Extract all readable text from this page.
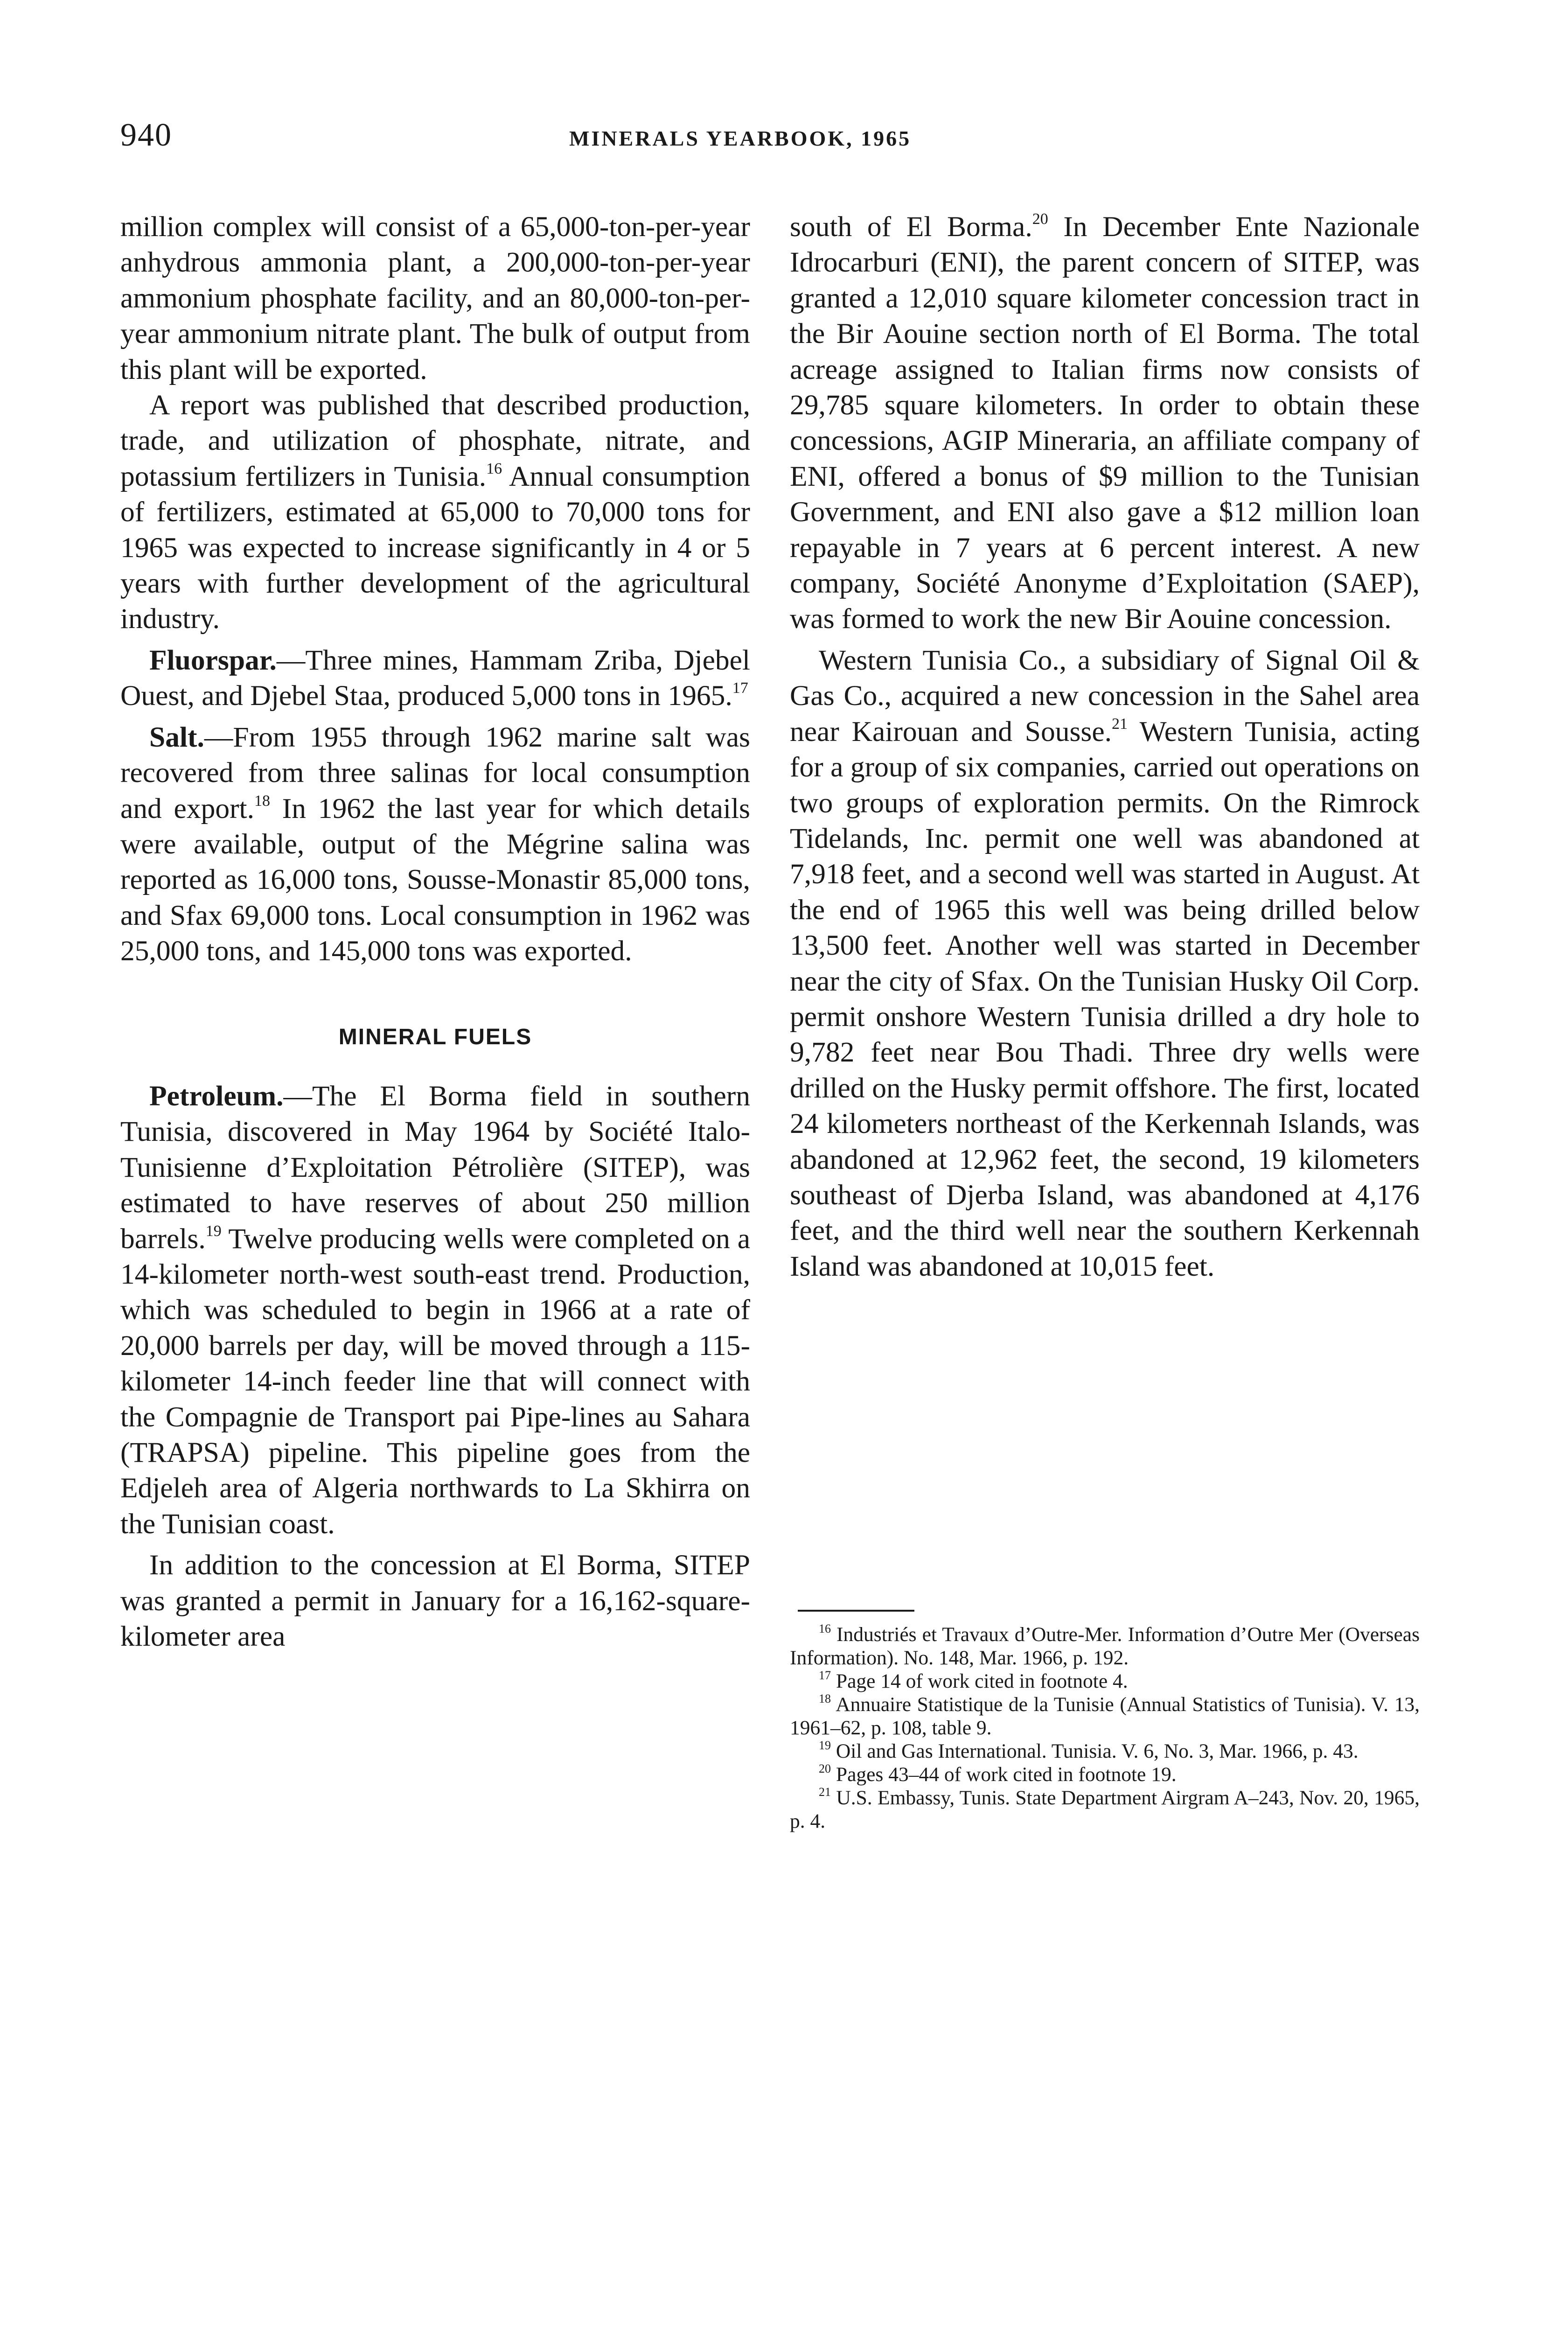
940	MINERALS YEARBOOK, 1965

million complex will consist of a 65,000-ton-per-year anhydrous ammonia plant, a 200,000-ton-per-year ammonium phosphate facility, and an 80,000-ton-per-year ammonium nitrate plant. The bulk of output from this plant will be exported.

A report was published that described production, trade, and utilization of phosphate, nitrate, and potassium fertilizers in Tunisia.$^{16}$ Annual consumption of fertilizers, estimated at 65,000 to 70,000 tons for 1965 was expected to increase significantly in 4 or 5 years with further development of the agricultural industry.

Fluorspar.—Three mines, Hammam Zriba, Djebel Ouest, and Djebel Staa, produced 5,000 tons in 1965.17

Salt.—From 1955 through 1962 marine salt was recovered from three salinas for local consumption and export.$^{18}$ In 1962 the last year for which details were available, output of the Mégrine salina was reported as 16,000 tons, Sousse-Monastir 85,000 tons, and Sfax 69,000 tons. Local consumption in 1962 was 25,000 tons, and 145,000 tons was exported.

MINERAL FUELS

Petroleum.—The El Borma field in southern Tunisia, discovered in May 1964 by Société Italo-Tunisienne d’Exploitation Pétrolière (SITEP), was estimated to have reserves of about 250 million barrels.$^{19}$ Twelve producing wells were completed on a 14-kilometer north-west south-east trend. Production, which was scheduled to begin in 1966 at a rate of 20,000 barrels per day, will be moved through a 115-kilometer 14-inch feeder line that will connect with the Compagnie de Transport pai Pipe-lines au Sahara (TRAPSA) pipeline. This pipeline goes from the Edjeleh area of Algeria northwards to La Skhirra on the Tunisian coast.

In addition to the concession at El Borma, SITEP was granted a permit in January for a 16,162-square-kilometer area

south of El Borma.$^{20}$ In December Ente Nazionale Idrocarburi (ENI), the parent concern of SITEP, was granted a 12,010 square kilometer concession tract in the Bir Aouine section north of El Borma. The total acreage assigned to Italian firms now consists of 29,785 square kilometers. In order to obtain these concessions, AGIP Mineraria, an affiliate company of ENI, offered a bonus of $9 million to the Tunisian Government, and ENI also gave a $12 million loan repayable in 7 years at 6 percent interest. A new company, Société Anonyme d’Exploitation (SAEP), was formed to work the new Bir Aouine concession.

Western Tunisia Co., a subsidiary of Signal Oil & Gas Co., acquired a new concession in the Sahel area near Kairouan and Sousse.$^{21}$ Western Tunisia, acting for a group of six companies, carried out operations on two groups of exploration permits. On the Rimrock Tidelands, Inc. permit one well was abandoned at 7,918 feet, and a second well was started in August. At the end of 1965 this well was being drilled below 13,500 feet. Another well was started in December near the city of Sfax. On the Tunisian Husky Oil Corp. permit onshore Western Tunisia drilled a dry hole to 9,782 feet near Bou Thadi. Three dry wells were drilled on the Husky permit offshore. The first, located 24 kilometers northeast of the Kerkennah Islands, was abandoned at 12,962 feet, the second, 19 kilometers southeast of Djerba Island, was abandoned at 4,176 feet, and the third well near the southern Kerkennah Island was abandoned at 10,015 feet.

$^{16}$ Industriés et Travaux d’Outre-Mer. Information d’Outre Mer (Overseas Information). No. 148, Mar. 1966, p. 192.

$^{17}$ Page 14 of work cited in footnote 4.

$^{18}$ Annuaire Statistique de la Tunisie (Annual Statistics of Tunisia). V. 13, 1961–62, p. 108, table 9.

$^{19}$ Oil and Gas International. Tunisia. V. 6, No. 3, Mar. 1966, p. 43.

$^{20}$ Pages 43–44 of work cited in footnote 19.

$^{21}$ U.S. Embassy, Tunis. State Department Airgram A–243, Nov. 20, 1965, p. 4.
